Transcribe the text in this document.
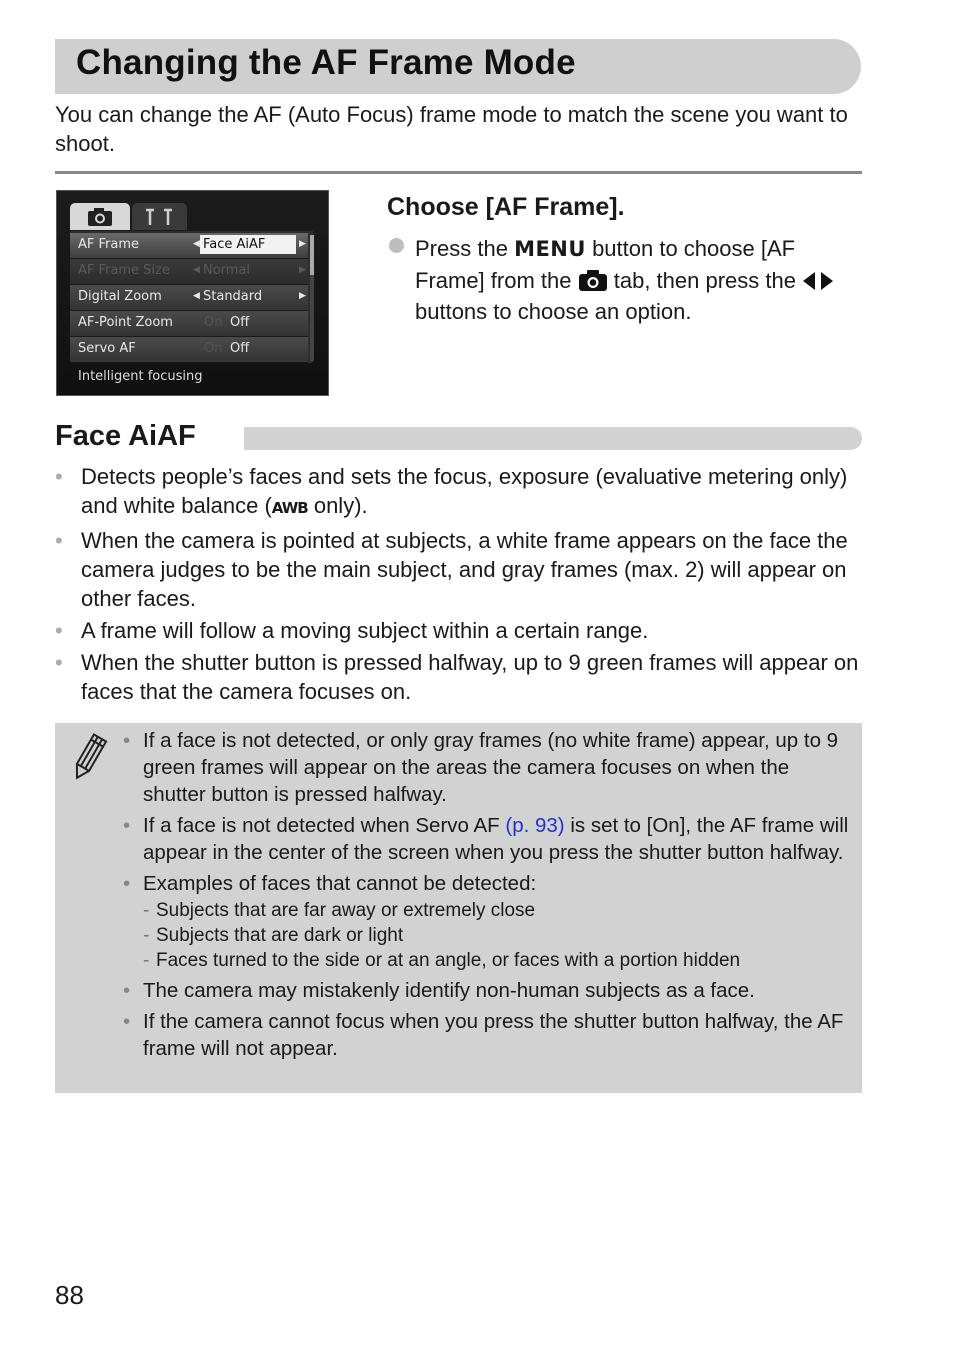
Changing the AF Frame Mode

You can change the AF (Auto Focus) frame mode to match the scene you want to shoot.

AF Frame	◀ Face AiAF	▶
AF Frame Size	◀ Normal	▶
Digital Zoom	◀ Standard	▶
AF-Point Zoom On Off
Servo AF	On Off
Intelligent focusing
Choose [AF Frame].

Press the MENU button to choose [AF Frame] from the tab, then press the  buttons to choose an option.

Face AiAF
• Detects people’s faces and sets the focus, exposure (evaluative metering only) and white balance (AWB only).
• When the camera is pointed at subjects, a white frame appears on the face the camera judges to be the main subject, and gray frames (max. 2) will appear on other faces.
• A frame will follow a moving subject within a certain range.
• When the shutter button is pressed halfway, up to 9 green frames will appear on faces that the camera focuses on.
• If a face is not detected, or only gray frames (no white frame) appear, up to 9 green frames will appear on the areas the camera focuses on when the shutter button is pressed halfway.
• If a face is not detected when Servo AF (p. 93) is set to [On], the AF frame will appear in the center of the screen when you press the shutter button halfway.
• Examples of faces that cannot be detected:
- Subjects that are far away or extremely close
- Subjects that are dark or light
- Faces turned to the side or at an angle, or faces with a portion hidden
• The camera may mistakenly identify non-human subjects as a face.
• If the camera cannot focus when you press the shutter button halfway, the AF frame will not appear.
88
